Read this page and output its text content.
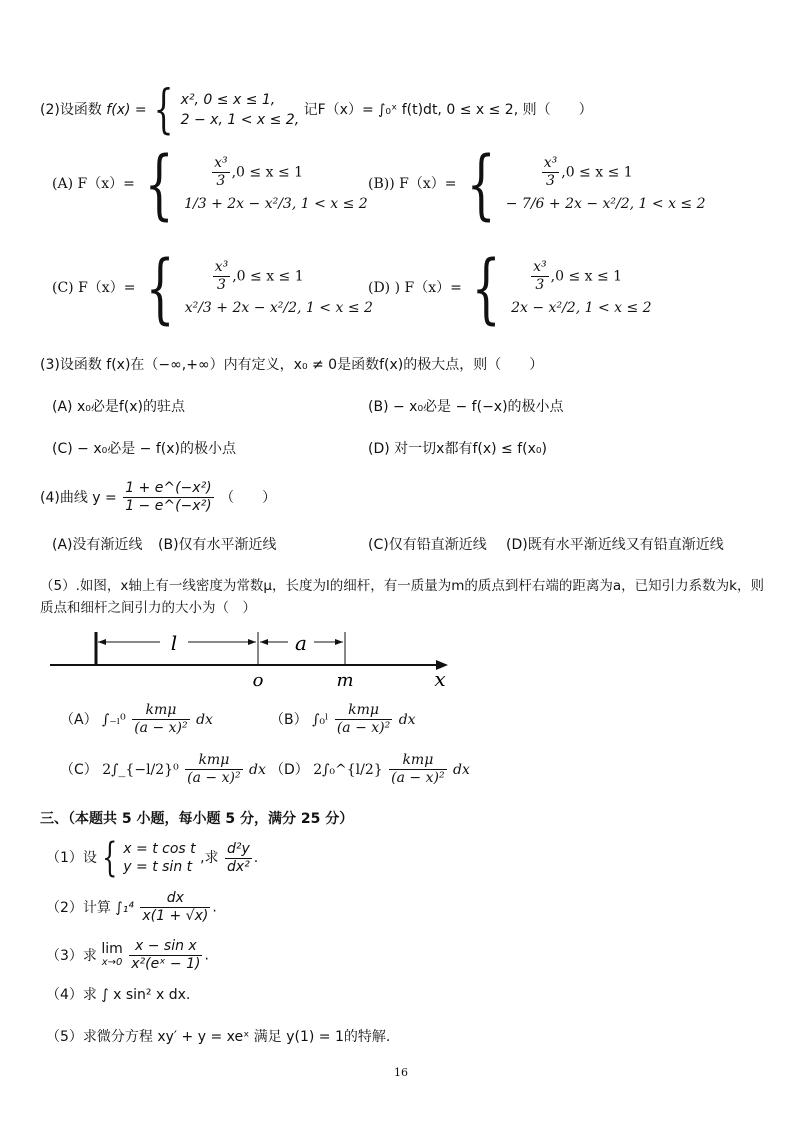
(2)设函数 f(x) = { x², 0 ≤ x ≤ 1,
2 − x, 1 < x ≤ 2,
记F（x）= ∫₀ˣ f(t)dt, 0 ≤ x ≤ 2, 则（　　）
(A) F（x）= {	$\frac{\text{x³}}{3} ,0 \le x \le 1$
1/3 + 2x − x²/3, 1 < x ≤ 2
(B)) F（x）= {	$\frac{\text{x³}}{3} ,0 \le x \le 1$
− 7/6 + 2x − x²/2, 1 < x ≤ 2
(C) F（x）= {	$\frac{\text{x³}}{3} ,0 \le x \le 1$
x²/3 + 2x − x²/2, 1 < x ≤ 2
(D) ) F（x）= { $\frac{\text{x³}}{3} ,0 \le x \le 1$
2x − x²/2, 1 < x ≤ 2
(3)设函数 f(x)在（−∞,+∞）内有定义，x₀ ≠ 0是函数f(x)的极大点，则（　　）
(A) x₀必是f(x)的驻点	(B) − x₀必是 − f(−x)的极小点
(C) − x₀必是 − f(x)的极小点	(D) 对一切x都有f(x) ≤ f(x₀)
(4)曲线 $y = \frac{\text{1 + e\textasciicircum{}(−x²)}}{\text{1 − e\textasciicircum{}(−x²)}}$ （　　）
(A)没有渐近线 (B)仅有水平渐近线	(C)仅有铅直渐近线 (D)既有水平渐近线又有铅直渐近线
（5）.如图，x轴上有一线密度为常数μ，长度为l的细杆，有一质量为m的质点到杆右端的距离为a，已知引力系数为k，则
质点和细杆之间引力的大小为（　）
l	a
o	m	x
（A） $\int_{-l}^0 \frac{\text{kmμ}}{\text{(a − x)²}}$ dx	（B） ∫₀ˡ $\frac{\text{kmμ}}{\text{(a − x)²}}$ dx
（C） 2∫_{−l/2}⁰ $\frac{\text{kmμ}}{\text{(a − x)²}}$ dx （D） 2∫₀^{l/2} $\frac{\text{kmμ}}{\text{(a − x)²}}$ dx
三、（本题共 5 小题，每小题 5 分，满分 25 分）
（1）设 { x = t cos t
y = t sin t
,求 $\frac{\text{d²y}}{\text{dx²}}$ .
（2）计算 $\int_1^4 \frac{dx}{x(1 + √x)}$ .
（3）求 lim
x→0
$\frac{\text{x − sin x}}{\text{x²(eˣ − 1)}}$ .
（4）求 ∫ x sin² x dx.
（5）求微分方程 xy′ + y = xeˣ 满足 y(1) = 1的特解.
16
